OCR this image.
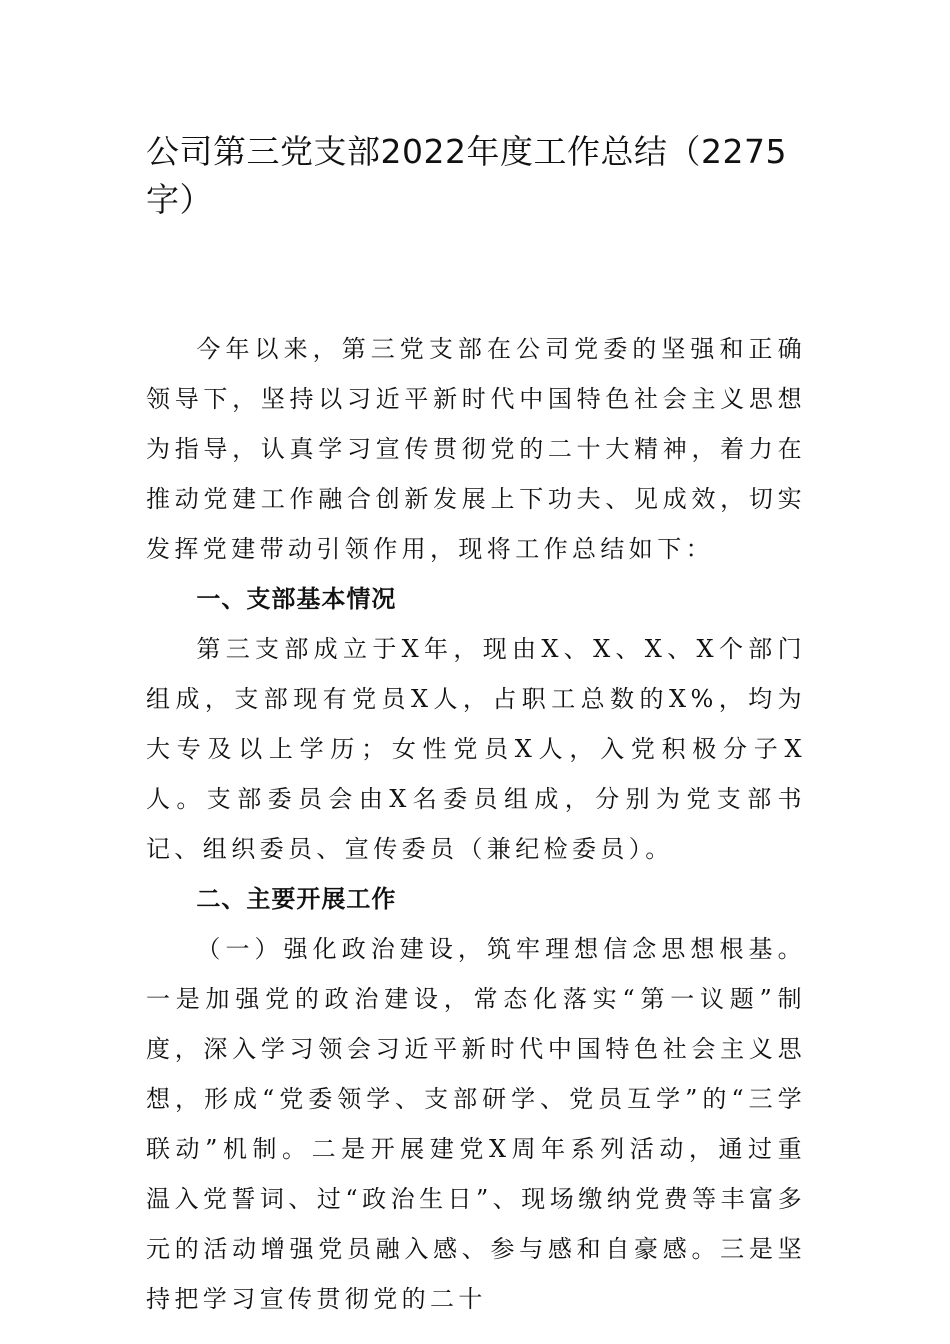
公司第三党支部2022年度工作总结（2275字）

今年以来，第三党支部在公司党委的坚强和正确领导下，坚持以习近平新时代中国特色社会主义思想为指导，认真学习宣传贯彻党的二十大精神，着力在推动党建工作融合创新发展上下功夫、见成效，切实发挥党建带动引领作用，现将工作总结如下：

一、支部基本情况

第三支部成立于X年，现由X、X、X、X个部门组成，支部现有党员X人，占职工总数的X%，均为大专及以上学历；女性党员X人，入党积极分子X人。支部委员会由X名委员组成，分别为党支部书记、组织委员、宣传委员（兼纪检委员）。

二、主要开展工作

（一）强化政治建设，筑牢理想信念思想根基。一是加强党的政治建设，常态化落实“第一议题”制度，深入学习领会习近平新时代中国特色社会主义思想，形成“党委领学、支部研学、党员互学”的“三学联动”机制。二是开展建党X周年系列活动，通过重温入党誓词、过“政治生日”、现场缴纳党费等丰富多元的活动增强党员融入感、参与感和自豪感。三是坚持把学习宣传贯彻党的二十
